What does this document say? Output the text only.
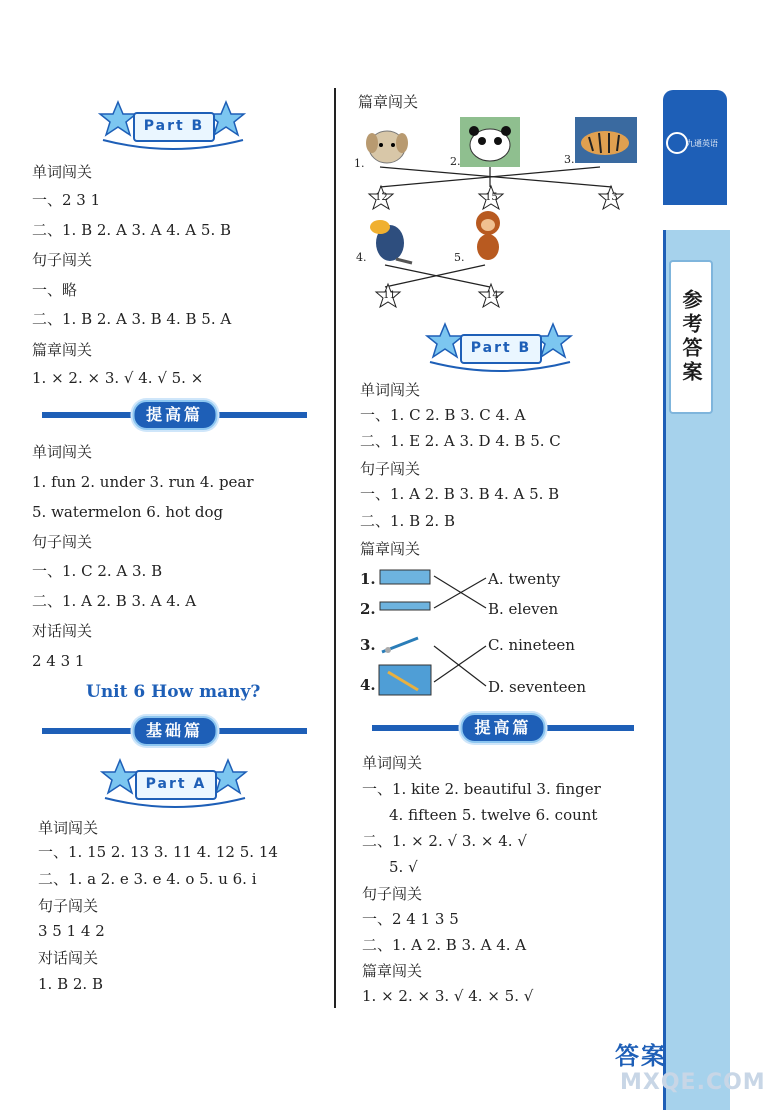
Part B
单词闯关
一、2 3 1
二、1. B 2. A 3. A 4. A 5. B
句子闯关
一、略
二、1. B 2. A 3. B 4. B 5. A
篇章闯关
1. × 2. × 3. √ 4. √ 5. ×
提高篇
单词闯关
1. fun 2. under 3. run 4. pear
5. watermelon 6. hot dog
句子闯关
一、1. C 2. A 3. B
二、1. A 2. B 3. A 4. A
对话闯关
2 4 3 1
Unit 6 How many?
基础篇
Part A
单词闯关
一、1. 15 2. 13 3. 11 4. 12 5. 14
二、1. a 2. e 3. e 4. o 5. u 6. i
句子闯关
3 5 1 4 2
对话闯关
1. B 2. B
篇章闯关
1.	2.	3.
12	15	13
4.	5.
11	14
Part B
单词闯关
一、1. C 2. B 3. C 4. A
二、1. E 2. A 3. D 4. B 5. C
句子闯关
一、1. A 2. B 3. B 4. A 5. B
二、1. B 2. B
篇章闯关
1.
2.
3.
4.
A. twenty
B. eleven
C. nineteen
D. seventeen
提高篇
单词闯关
一、1. kite 2. beautiful 3. finger
4. fifteen 5. twelve 6. count
二、1. × 2. √ 3. × 4. √
5. √
句子闯关
一、2 4 1 3 5
二、1. A 2. B 3. A 4. A
篇章闯关
1. × 2. × 3. √ 4. × 5. √
九通英语
参考答案
答案
MXQE.COM
